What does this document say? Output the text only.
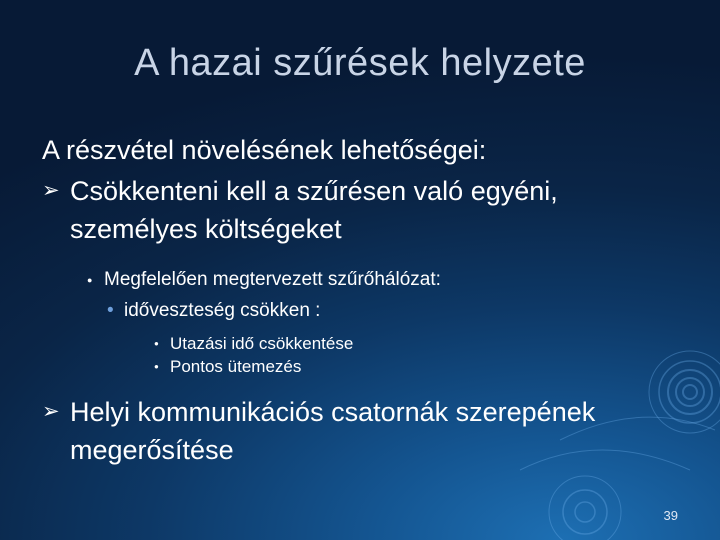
A hazai szűrések helyzete
A részvétel növelésének lehetőségei:
➢ Csökkenteni kell a szűrésen való egyéni, személyes költségeket
● Megfelelően megtervezett szűrőhálózat:
• időveszteség csökken :
● Utazási idő csökkentése
● Pontos ütemezés
➢ Helyi kommunikációs csatornák szerepének megerősítése
39
